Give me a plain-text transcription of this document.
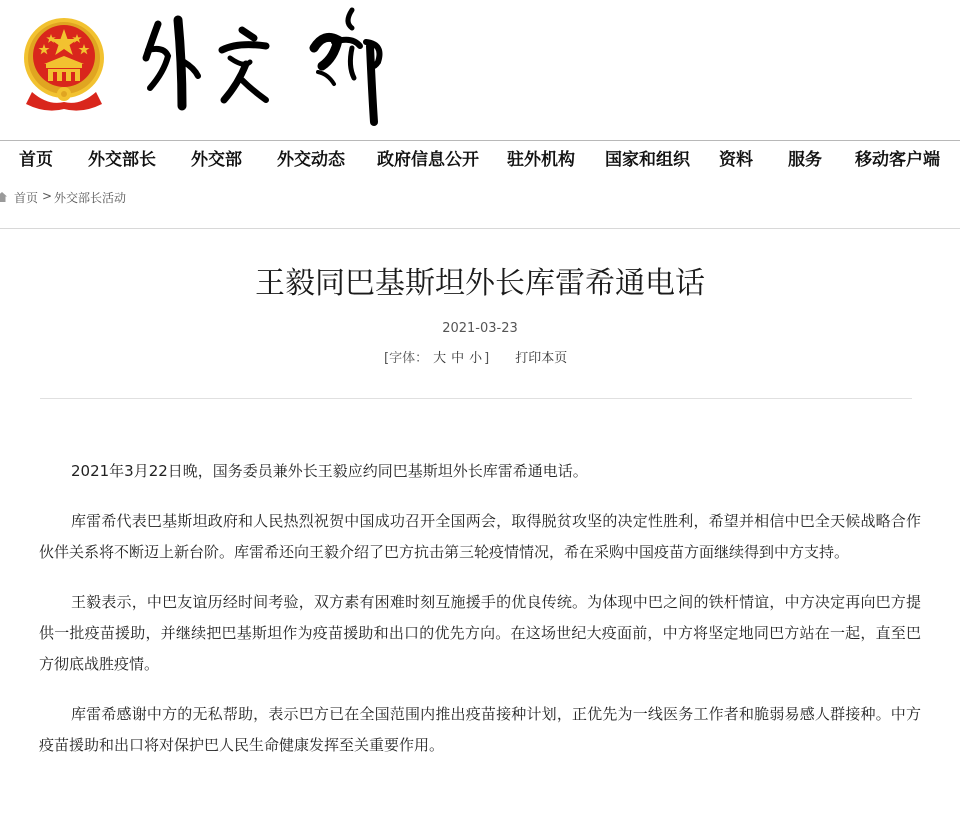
首页 外交部长 外交部 外交动态 政府信息公开 驻外机构 国家和组织 资料 服务 移动客户端
首页 > 外交部长活动
王毅同巴基斯坦外长库雷希通电话
2021-03-23
[字体： 大 中 小 ] 打印本页

2021年3月22日晚，国务委员兼外长王毅应约同巴基斯坦外长库雷希通电话。

库雷希代表巴基斯坦政府和人民热烈祝贺中国成功召开全国两会，取得脱贫攻坚的决定性胜利，希望并相信中巴全天候战略合作伙伴关系将不断迈上新台阶。库雷希还向王毅介绍了巴方抗击第三轮疫情情况，希在采购中国疫苗方面继续得到中方支持。

王毅表示，中巴友谊历经时间考验，双方素有困难时刻互施援手的优良传统。为体现中巴之间的铁杆情谊，中方决定再向巴方提供一批疫苗援助，并继续把巴基斯坦作为疫苗援助和出口的优先方向。在这场世纪大疫面前，中方将坚定地同巴方站在一起，直至巴方彻底战胜疫情。

库雷希感谢中方的无私帮助，表示巴方已在全国范围内推出疫苗接种计划，正优先为一线医务工作者和脆弱易感人群接种。中方疫苗援助和出口将对保护巴人民生命健康发挥至关重要作用。
